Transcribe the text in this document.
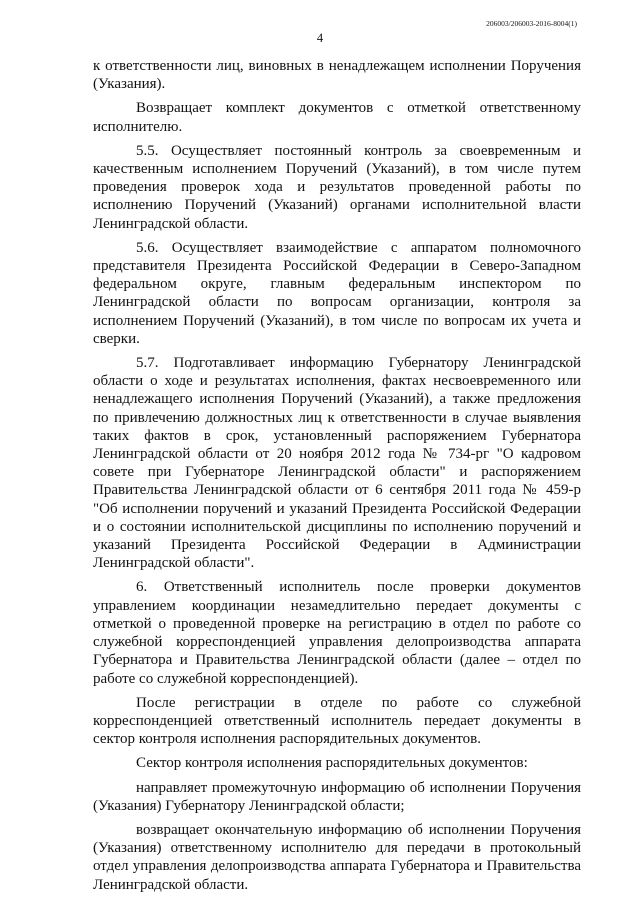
206003/206003-2016-8004(1)
4

к ответственности лиц, виновных в ненадлежащем исполнении Поручения (Указания).

Возвращает комплект документов с отметкой ответственному исполнителю.

5.5. Осуществляет постоянный контроль за своевременным и качественным исполнением Поручений (Указаний), в том числе путем проведения проверок хода и результатов проведенной работы по исполнению Поручений (Указаний) органами исполнительной власти Ленинградской области.

5.6. Осуществляет взаимодействие с аппаратом полномочного представителя Президента Российской Федерации в Северо-Западном федеральном округе, главным федеральным инспектором по Ленинградской области по вопросам организации, контроля за исполнением Поручений (Указаний), в том числе по вопросам их учета и сверки.

5.7. Подготавливает информацию Губернатору Ленинградской области о ходе и результатах исполнения, фактах несвоевременного или ненадлежащего исполнения Поручений (Указаний), а также предложения по привлечению должностных лиц к ответственности в случае выявления таких фактов в срок, установленный распоряжением Губернатора Ленинградской области от 20 ноября 2012 года № 734-рг "О кадровом совете при Губернаторе Ленинградской области" и распоряжением Правительства Ленинградской области от 6 сентября 2011 года № 459-р "Об исполнении поручений и указаний Президента Российской Федерации и о состоянии исполнительской дисциплины по исполнению поручений и указаний Президента Российской Федерации в Администрации Ленинградской области".

6. Ответственный исполнитель после проверки документов управлением координации незамедлительно передает документы с отметкой о проведенной проверке на регистрацию в отдел по работе со служебной корреспонденцией управления делопроизводства аппарата Губернатора и Правительства Ленинградской области (далее – отдел по работе со служебной корреспонденцией).

После регистрации в отделе по работе со служебной корреспонденцией ответственный исполнитель передает документы в сектор контроля исполнения распорядительных документов.

Сектор контроля исполнения распорядительных документов:

направляет промежуточную информацию об исполнении Поручения (Указания) Губернатору Ленинградской области;

возвращает окончательную информацию об исполнении Поручения (Указания) ответственному исполнителю для передачи в протокольный отдел управления делопроизводства аппарата Губернатора и Правительства Ленинградской области.
